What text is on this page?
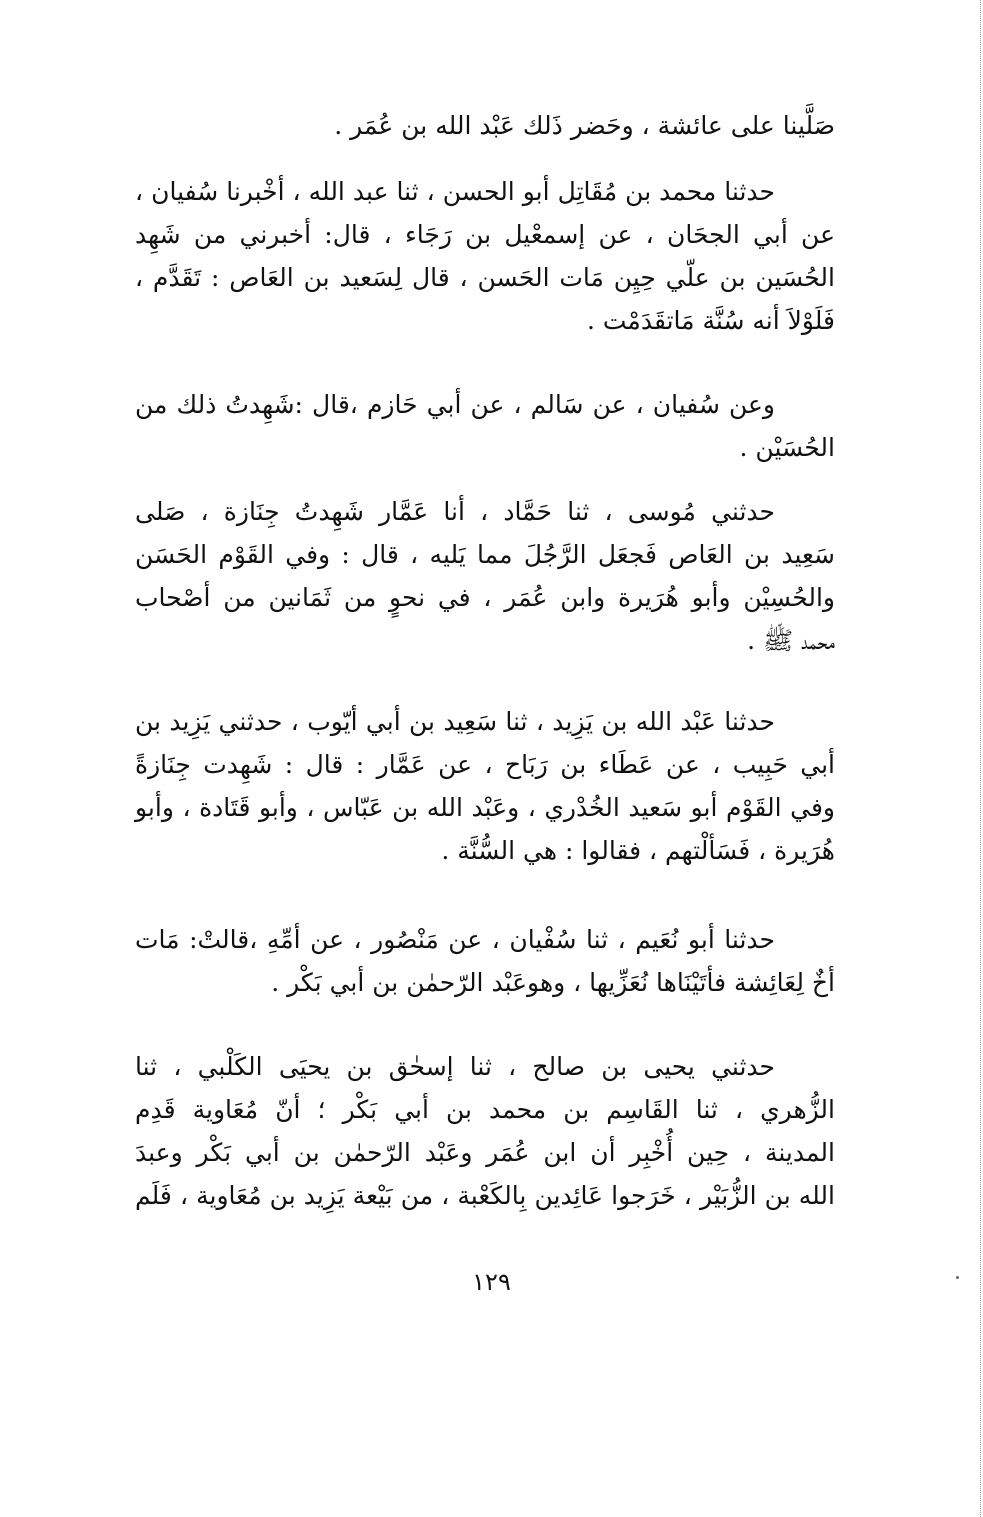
صَلَّينا على عائشة ، وحَضر ذَلك عَبْد الله بن عُمَر .
حدثنا محمد بن مُقَاتِل أبو الحسن ، ثنا عبد الله ، أخْبرنا سُفيان ،
عن أبي الجحَان ، عن إسمعْيل بن رَجَاء ، قال: أخبرني من شَهِد
الحُسَين بن علّي حِيِن مَات الحَسن ، قال لِسَعيد بن العَاص : تَقَدَّم ،
فَلَوْلاَ أنه سُنَّة مَاتقَدَمْت .
وعن سُفيان ، عن سَالم ، عن أبي حَازم ،قال :شَهِدتُ ذلك من
الحُسَيْن .
حدثني مُوسى ، ثنا حَمَّاد ، أنا عَمَّار شَهِدتُ جِنَازة ، صَلى
سَعِيد بن العَاص فَجعَل الرَّجُلَ مما يَليه ، قال : وفي القَوْم الحَسَن
والحُسِيْن وأبو هُرَيرة وابن عُمَر ، في نحوٍ من ثَمَانين من أصْحاب
محمد ﷺ .
حدثنا عَبْد الله بن يَزِيد ، ثنا سَعِيد بن أبي أيّوب ، حدثني يَزِيد بن
أبي حَبِيب ، عن عَطَاء بن رَبَاح ، عن عَمَّار : قال : شَهِدت جِنَازةً
وفي القَوْم أبو سَعيد الخُدْري ، وعَبْد الله بن عَبّاس ، وأبو قَتَادة ، وأبو
هُرَيرة ، فَسَألْتهم ، فقالوا : هي السُّنَّة .
حدثنا أبو نُعَيم ، ثنا سُفْيان ، عن مَنْصُور ، عن أمِّهِ ،قالتْ: مَات
أخٌ لِعَائِشة فأتَيْنَاها نُعَزِّيها ، وهوعَبْد الرّحمٰن بن أبي بَكْر .
حدثني يحيى بن صالح ، ثنا إسحٰق بن يحيَى الكَلْبي ، ثنا
الزُّهري ، ثنا القَاسِم بن محمد بن أبي بَكْر ؛ أنّ مُعَاوية قَدِم
المدينة ، حِين أُخْبِر أن ابن عُمَر وعَبْد الرّحمٰن بن أبي بَكْر وعبدَ
الله بن الزُّبَيْر ، خَرَجوا عَائِدين بِالكَعْبة ، من بَيْعة يَزِيد بن مُعَاوية ، فَلَم
١٢٩
